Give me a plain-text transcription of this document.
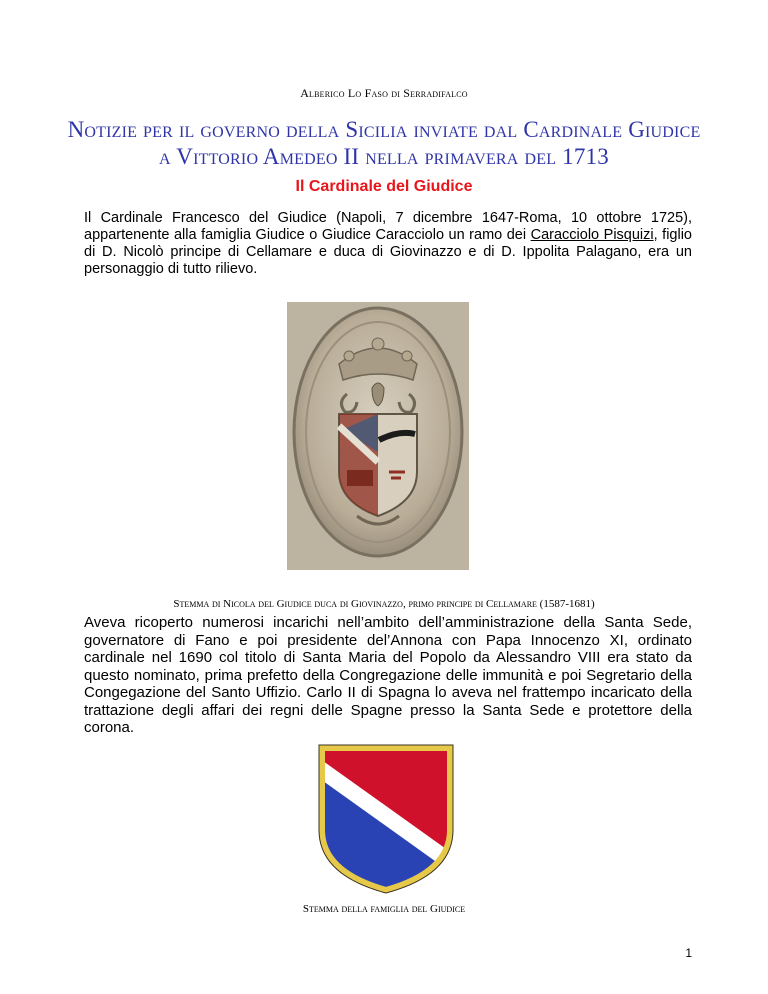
Alberico Lo Faso di Serradifalco
Notizie per il governo della Sicilia inviate dal Cardinale Giudice a Vittorio Amedeo II nella primavera del 1713
Il Cardinale del Giudice
Il Cardinale Francesco del Giudice (Napoli, 7 dicembre 1647-Roma, 10 ottobre 1725), appartenente alla famiglia Giudice o Giudice Caracciolo un ramo dei Caracciolo Pisquizi, figlio di D. Nicolò principe di Cellamare e duca di Giovinazzo e di D. Ippolita Palagano, era un personaggio di tutto rilievo.
Stemma di Nicola del Giudice duca di Giovinazzo, primo principe di Cellamare (1587-1681)
Aveva ricoperto numerosi incarichi nell’ambito dell’amministrazione della Santa Sede, governatore di Fano e poi presidente del’Annona con Papa Innocenzo XI, ordinato cardinale nel 1690 col titolo di Santa Maria del Popolo da Alessandro VIII era stato da questo nominato, prima prefetto della Congregazione delle immunità e poi Segretario della Congegazione del Santo Uffizio. Carlo II di Spagna lo aveva nel frattempo incaricato della trattazione degli affari dei regni delle Spagne presso la Santa Sede e protettore della corona.
Stemma della famiglia del Giudice
1
